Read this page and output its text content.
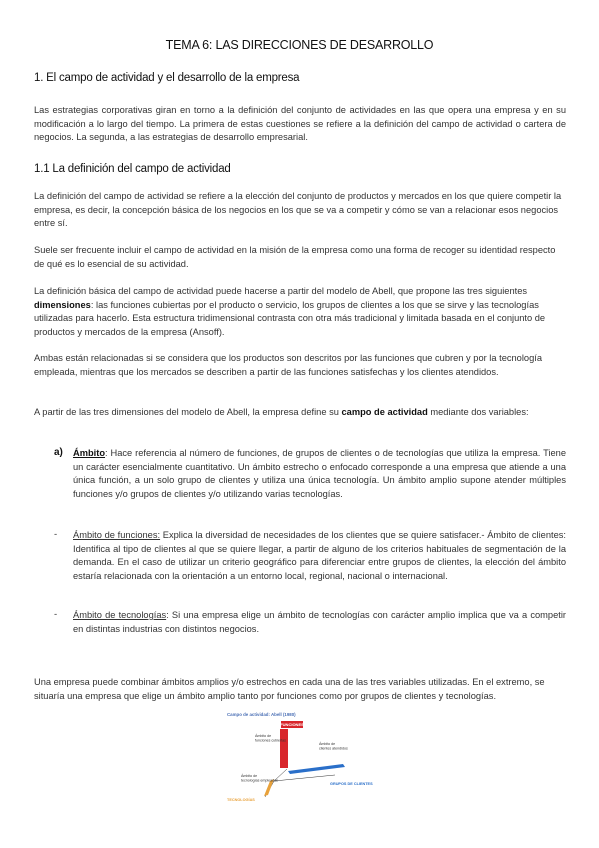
TEMA 6: LAS DIRECCIONES DE DESARROLLO
1. El campo de actividad y el desarrollo de la empresa

Las estrategias corporativas giran en torno a la definición del conjunto de actividades en las que opera una empresa y en su modificación a lo largo del tiempo. La primera de estas cuestiones se refiere a la definición del campo de actividad o cartera de negocios. La segunda, a las estrategias de desarrollo empresarial.

1.1 La definición del campo de actividad

La definición del campo de actividad se refiere a la elección del conjunto de productos y mercados en los que quiere competir la empresa, es decir, la concepción básica de los negocios en los que se va a competir y cómo se van a relacionar esos negocios entre sí.

Suele ser frecuente incluir el campo de actividad en la misión de la empresa como una forma de recoger su identidad respecto de qué es lo esencial de su actividad.

La definición básica del campo de actividad puede hacerse a partir del modelo de Abell, que propone las tres siguientes dimensiones: las funciones cubiertas por el producto o servicio, los grupos de clientes a los que se sirve y las tecnologías utilizadas para hacerlo. Esta estructura tridimensional contrasta con otra más tradicional y limitada basada en el conjunto de productos y mercados de la empresa (Ansoff).

Ambas están relacionadas si se considera que los productos son descritos por las funciones que cubren y por la tecnología empleada, mientras que los mercados se describen a partir de las funciones satisfechas y los clientes atendidos.

A partir de las tres dimensiones del modelo de Abell, la empresa define su campo de actividad mediante dos variables:

a) Ámbito: Hace referencia al número de funciones, de grupos de clientes o de tecnologías que utiliza la empresa. Tiene un carácter esencialmente cuantitativo. Un ámbito estrecho o enfocado corresponde a una empresa que atiende a una única función, a un solo grupo de clientes y utiliza una única tecnología. Un ámbito amplio supone atender múltiples funciones y/o grupos de clientes y/o utilizando varias tecnologías.

- Ámbito de funciones: Explica la diversidad de necesidades de los clientes que se quiere satisfacer.- Ámbito de clientes: Identifica al tipo de clientes al que se quiere llegar, a partir de alguno de los criterios habituales de segmentación de la demanda. En el caso de utilizar un criterio geográfico para diferenciar entre grupos de clientes, la elección del ámbito estaría relacionada con la orientación a un entorno local, regional, nacional o internacional.

- Ámbito de tecnologías: Si una empresa elige un ámbito de tecnologías con carácter amplio implica que va a competir en distintas industrias con distintos negocios.

Una empresa puede combinar ámbitos amplios y/o estrechos en cada una de las tres variables utilizadas. En el extremo, se situaría una empresa que elige un ámbito amplio tanto por funciones como por grupos de clientes y tecnologías.

Campo de actividad: Abell (1980)
FUNCIONES
Ámbito de funciones cubiertas
Ámbito de clientes atendidos
GRUPOS DE CLIENTES
Ámbito de tecnologías empleadas
TECNOLOGÍAS
